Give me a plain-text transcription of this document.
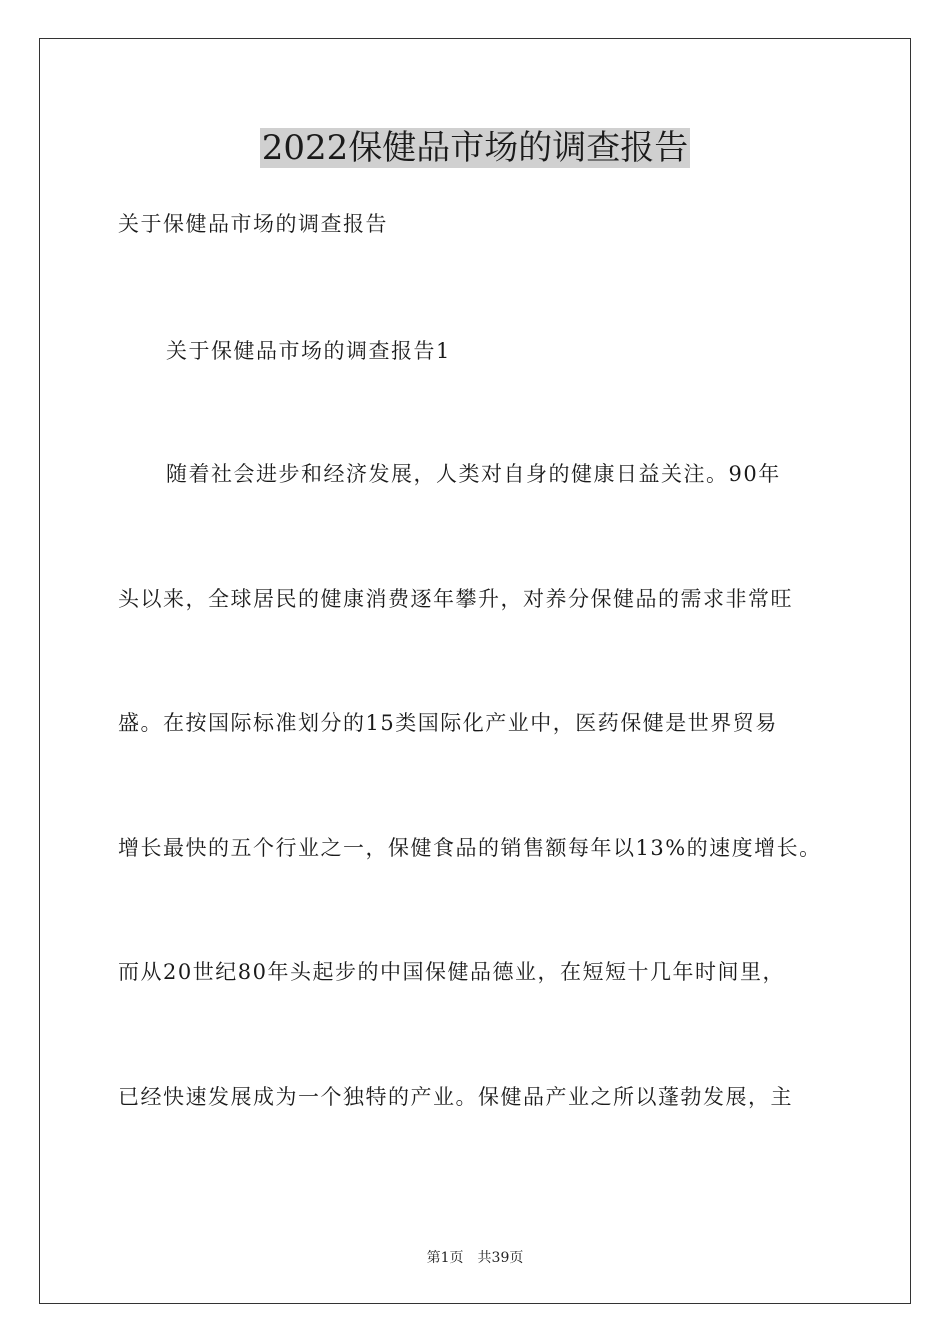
2022保健品市场的调查报告

关于保健品市场的调查报告

关于保健品市场的调查报告1

随着社会进步和经济发展，人类对自身的健康日益关注。90年

头以来，全球居民的健康消费逐年攀升，对养分保健品的需求非常旺

盛。在按国际标准划分的15类国际化产业中，医药保健是世界贸易

增长最快的五个行业之一，保健食品的销售额每年以13%的速度增长。

而从20世纪80年头起步的中国保健品德业，在短短十几年时间里，

已经快速发展成为一个独特的产业。保健品产业之所以蓬勃发展，主

第1页　共39页
